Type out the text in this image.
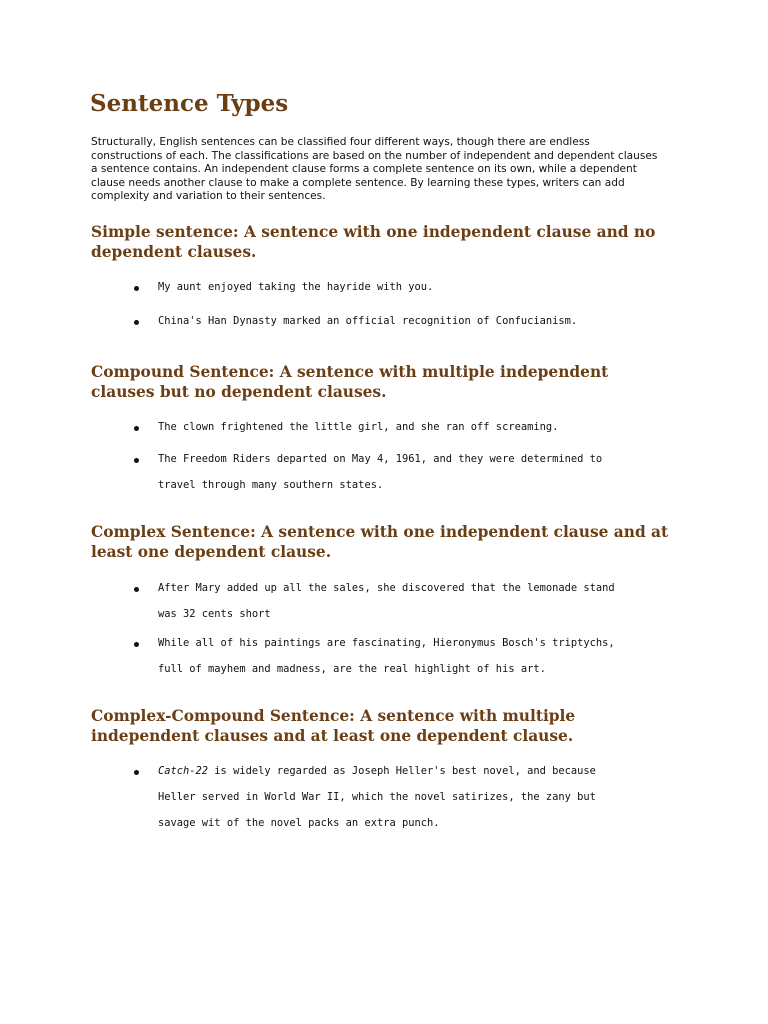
Sentence Types

Structurally, English sentences can be classified four different ways, though there are endless constructions of each. The classifications are based on the number of independent and dependent clauses a sentence contains. An independent clause forms a complete sentence on its own, while a dependent clause needs another clause to make a complete sentence. By learning these types, writers can add complexity and variation to their sentences.

Simple sentence: A sentence with one independent clause and no
dependent clauses.

My aunt enjoyed taking the hayride with you.

China's Han Dynasty marked an official recognition of Confucianism.

Compound Sentence: A sentence with multiple independent
clauses but no dependent clauses.

The clown frightened the little girl, and she ran off screaming.

The Freedom Riders departed on May 4, 1961, and they were determined to
travel through many southern states.

Complex Sentence: A sentence with one independent clause and at
least one dependent clause.

After Mary added up all the sales, she discovered that the lemonade stand
was 32 cents short

While all of his paintings are fascinating, Hieronymus Bosch's triptychs,
full of mayhem and madness, are the real highlight of his art.

Complex-Compound Sentence: A sentence with multiple
independent clauses and at least one dependent clause.

Catch-22 is widely regarded as Joseph Heller's best novel, and because
Heller served in World War II, which the novel satirizes, the zany but
savage wit of the novel packs an extra punch.
